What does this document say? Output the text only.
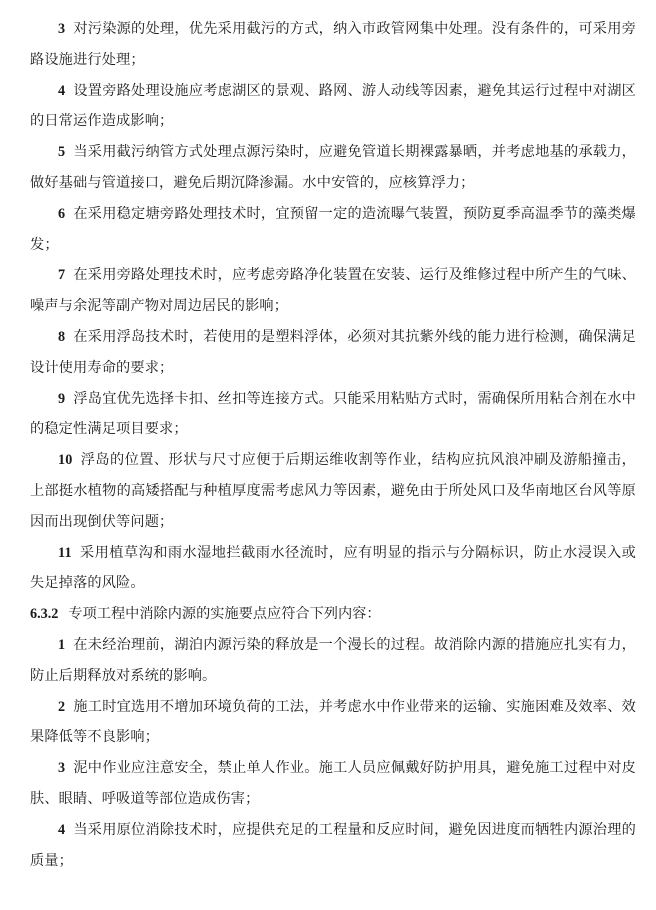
3 对污染源的处理，优先采用截污的方式，纳入市政管网集中处理。没有条件的，可采用旁路设施进行处理；

4 设置旁路处理设施应考虑湖区的景观、路网、游人动线等因素，避免其运行过程中对湖区的日常运作造成影响；

5 当采用截污纳管方式处理点源污染时，应避免管道长期裸露暴晒，并考虑地基的承载力，做好基础与管道接口，避免后期沉降渗漏。水中安管的，应核算浮力；

6 在采用稳定塘旁路处理技术时，宜预留一定的造流曝气装置，预防夏季高温季节的藻类爆发；

7 在采用旁路处理技术时，应考虑旁路净化装置在安装、运行及维修过程中所产生的气味、噪声与余泥等副产物对周边居民的影响；

8 在采用浮岛技术时，若使用的是塑料浮体，必须对其抗紫外线的能力进行检测，确保满足设计使用寿命的要求；

9 浮岛宜优先选择卡扣、丝扣等连接方式。只能采用粘贴方式时，需确保所用粘合剂在水中的稳定性满足项目要求；

10 浮岛的位置、形状与尺寸应便于后期运维收割等作业，结构应抗风浪冲刷及游船撞击，上部挺水植物的高矮搭配与种植厚度需考虑风力等因素，避免由于所处风口及华南地区台风等原因而出现倒伏等问题；

11 采用植草沟和雨水湿地拦截雨水径流时，应有明显的指示与分隔标识，防止水浸误入或失足掉落的风险。

6.3.2 专项工程中消除内源的实施要点应符合下列内容：

1 在未经治理前，湖泊内源污染的释放是一个漫长的过程。故消除内源的措施应扎实有力，防止后期释放对系统的影响。

2 施工时宜选用不增加环境负荷的工法，并考虑水中作业带来的运输、实施困难及效率、效果降低等不良影响；

3 泥中作业应注意安全，禁止单人作业。施工人员应佩戴好防护用具，避免施工过程中对皮肤、眼睛、呼吸道等部位造成伤害；

4 当采用原位消除技术时，应提供充足的工程量和反应时间，避免因进度而牺牲内源治理的质量；
